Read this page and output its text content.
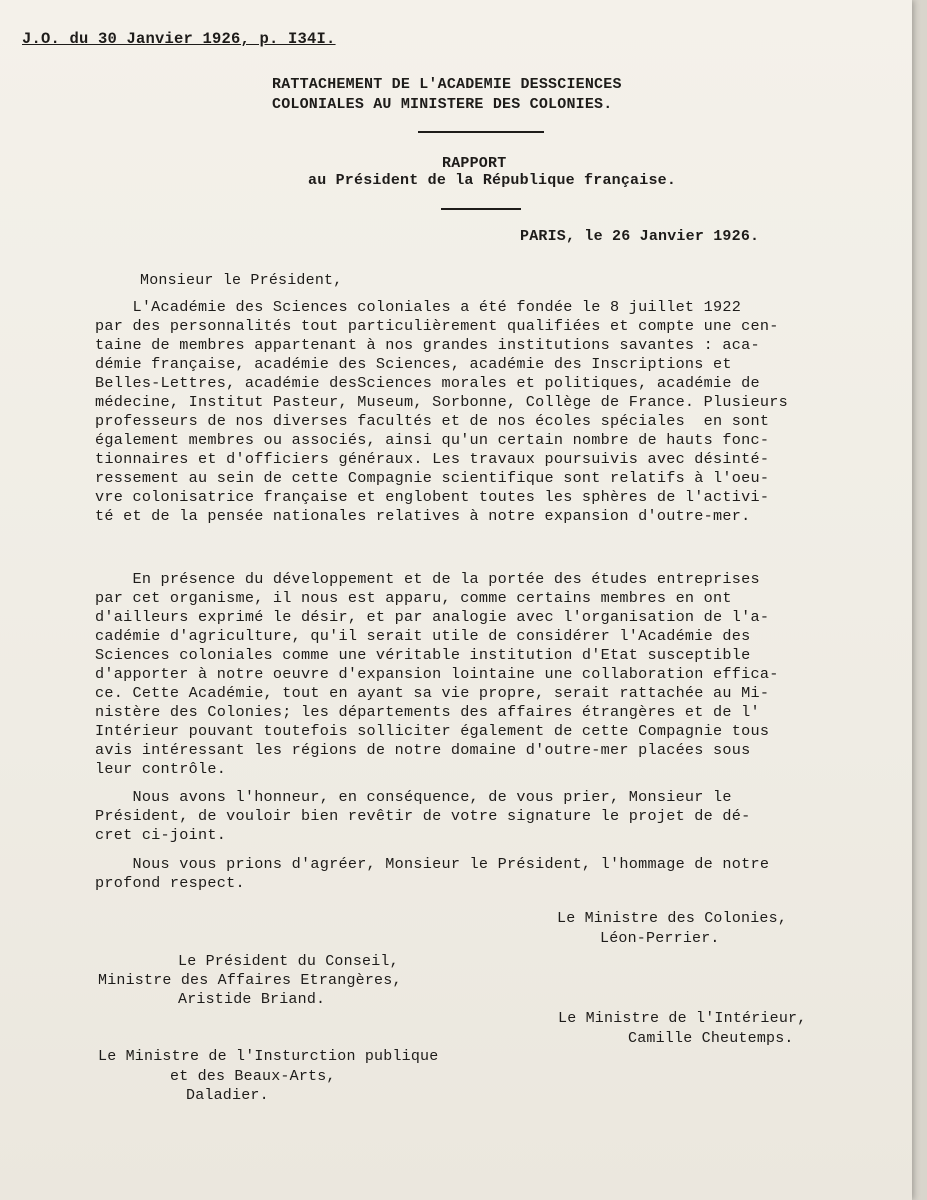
J.O. du 30 Janvier 1926, p. I34I.
RATTACHEMENT DE L'ACADEMIE DESSCIENCES
COLONIALES AU MINISTERE DES COLONIES.
RAPPORT
au Président de la République française.
PARIS, le 26 Janvier 1926.
Monsieur le Président,
L'Académie des Sciences coloniales a été fondée le 8 juillet 1922
par des personnalités tout particulièrement qualifiées et compte une cen-
taine de membres appartenant à nos grandes institutions savantes : aca-
démie française, académie des Sciences, académie des Inscriptions et
Belles-Lettres, académie desSciences morales et politiques, académie de
médecine, Institut Pasteur, Museum, Sorbonne, Collège de France. Plusieurs
professeurs de nos diverses facultés et de nos écoles spéciales  en sont
également membres ou associés, ainsi qu'un certain nombre de hauts fonc-
tionnaires et d'officiers généraux. Les travaux poursuivis avec désinté-
ressement au sein de cette Compagnie scientifique sont relatifs à l'oeu-
vre colonisatrice française et englobent toutes les sphères de l'activi-
té et de la pensée nationales relatives à notre expansion d'outre-mer.
En présence du développement et de la portée des études entreprises
par cet organisme, il nous est apparu, comme certains membres en ont
d'ailleurs exprimé le désir, et par analogie avec l'organisation de l'a-
cadémie d'agriculture, qu'il serait utile de considérer l'Académie des
Sciences coloniales comme une véritable institution d'Etat susceptible
d'apporter à notre oeuvre d'expansion lointaine une collaboration effica-
ce. Cette Académie, tout en ayant sa vie propre, serait rattachée au Mi-
nistère des Colonies; les départements des affaires étrangères et de l'
Intérieur pouvant toutefois solliciter également de cette Compagnie tous
avis intéressant les régions de notre domaine d'outre-mer placées sous
leur contrôle.
Nous avons l'honneur, en conséquence, de vous prier, Monsieur le
Président, de vouloir bien revêtir de votre signature le projet de dé-
cret ci-joint.
Nous vous prions d'agréer, Monsieur le Président, l'hommage de notre
profond respect.
Le Ministre des Colonies,
Léon-Perrier.
Le Président du Conseil,
Ministre des Affaires Etrangères,
Aristide Briand.
Le Ministre de l'Intérieur,
Camille Cheutemps.
Le Ministre de l'Insturction publique
et des Beaux-Arts,
Daladier.
